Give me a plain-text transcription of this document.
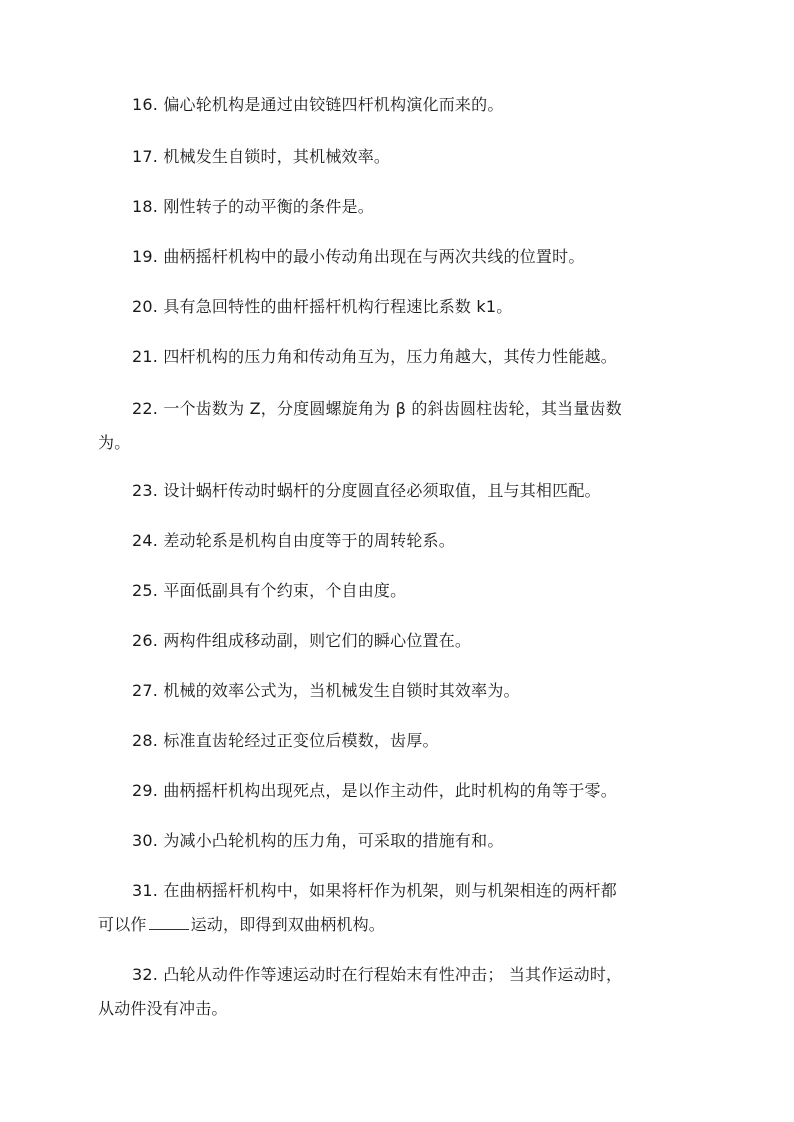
16. 偏心轮机构是通过由铰链四杆机构演化而来的。

17. 机械发生自锁时，其机械效率。

18. 刚性转子的动平衡的条件是。

19. 曲柄摇杆机构中的最小传动角出现在与两次共线的位置时。

20. 具有急回特性的曲杆摇杆机构行程速比系数 k1。

21. 四杆机构的压力角和传动角互为，压力角越大，其传力性能越。

22. 一个齿数为 Z，分度圆螺旋角为 β 的斜齿圆柱齿轮，其当量齿数
为。

23. 设计蜗杆传动时蜗杆的分度圆直径必须取值，且与其相匹配。

24. 差动轮系是机构自由度等于的周转轮系。

25. 平面低副具有个约束，个自由度。

26. 两构件组成移动副，则它们的瞬心位置在。

27. 机械的效率公式为，当机械发生自锁时其效率为。

28. 标准直齿轮经过正变位后模数，齿厚。

29. 曲柄摇杆机构出现死点，是以作主动件，此时机构的角等于零。

30. 为减小凸轮机构的压力角，可采取的措施有和。

31. 在曲柄摇杆机构中，如果将杆作为机架，则与机架相连的两杆都
可以作	运动，即得到双曲柄机构。

32. 凸轮从动件作等速运动时在行程始末有性冲击； 当其作运动时，
从动件没有冲击。
